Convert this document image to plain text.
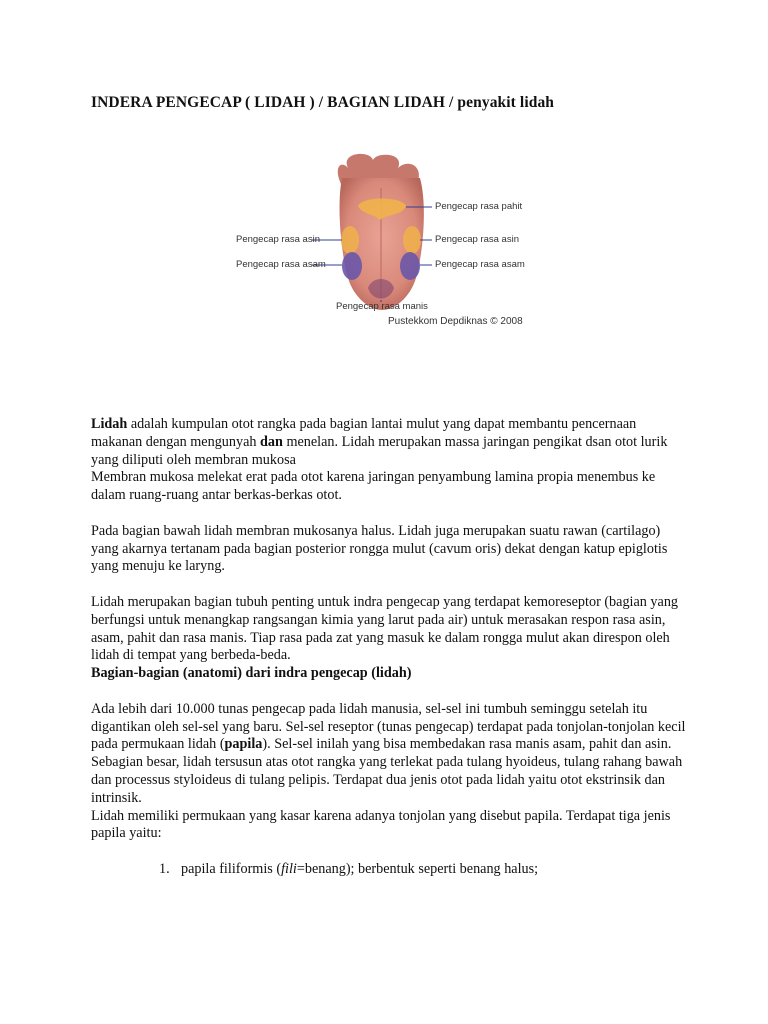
INDERA PENGECAP ( LIDAH ) / BAGIAN LIDAH / penyakit lidah
Pengecap rasa pahit
Pengecap rasa asin	Pengecap rasa asin
Pengecap rasa asam	Pengecap rasa asam
Pengecap rasa manis
Pustekkom Depdiknas © 2008

Lidah adalah kumpulan otot rangka pada bagian lantai mulut yang dapat membantu pencernaan makanan dengan mengunyah dan menelan. Lidah merupakan massa jaringan pengikat dsan otot lurik yang diliputi oleh membran mukosa

Membran mukosa melekat erat pada otot karena jaringan penyambung lamina propia menembus ke dalam ruang-ruang antar berkas-berkas otot.

Pada bagian bawah lidah membran mukosanya halus. Lidah juga merupakan suatu rawan (cartilago) yang akarnya tertanam pada bagian posterior rongga mulut (cavum oris) dekat dengan katup epiglotis yang menuju ke laryng.

Lidah merupakan bagian tubuh penting untuk indra pengecap yang terdapat kemoreseptor (bagian yang berfungsi untuk menangkap rangsangan kimia yang larut pada air) untuk merasakan respon rasa asin, asam, pahit dan rasa manis. Tiap rasa pada zat yang masuk ke dalam rongga mulut akan direspon oleh lidah di tempat yang berbeda-beda.

Bagian-bagian (anatomi) dari indra pengecap (lidah)

Ada lebih dari 10.000 tunas pengecap pada lidah manusia, sel-sel ini tumbuh seminggu setelah itu digantikan oleh sel-sel yang baru. Sel-sel reseptor (tunas pengecap) terdapat pada tonjolan-tonjolan kecil pada permukaan lidah (papila). Sel-sel inilah yang bisa membedakan rasa manis asam, pahit dan asin.

Sebagian besar, lidah tersusun atas otot rangka yang terlekat pada tulang hyoideus, tulang rahang bawah dan processus styloideus di tulang pelipis. Terdapat dua jenis otot pada lidah yaitu otot ekstrinsik dan intrinsik.

Lidah memiliki permukaan yang kasar karena adanya tonjolan yang disebut papila. Terdapat tiga jenis papila yaitu:

1. papila filiformis (fili=benang); berbentuk seperti benang halus;
